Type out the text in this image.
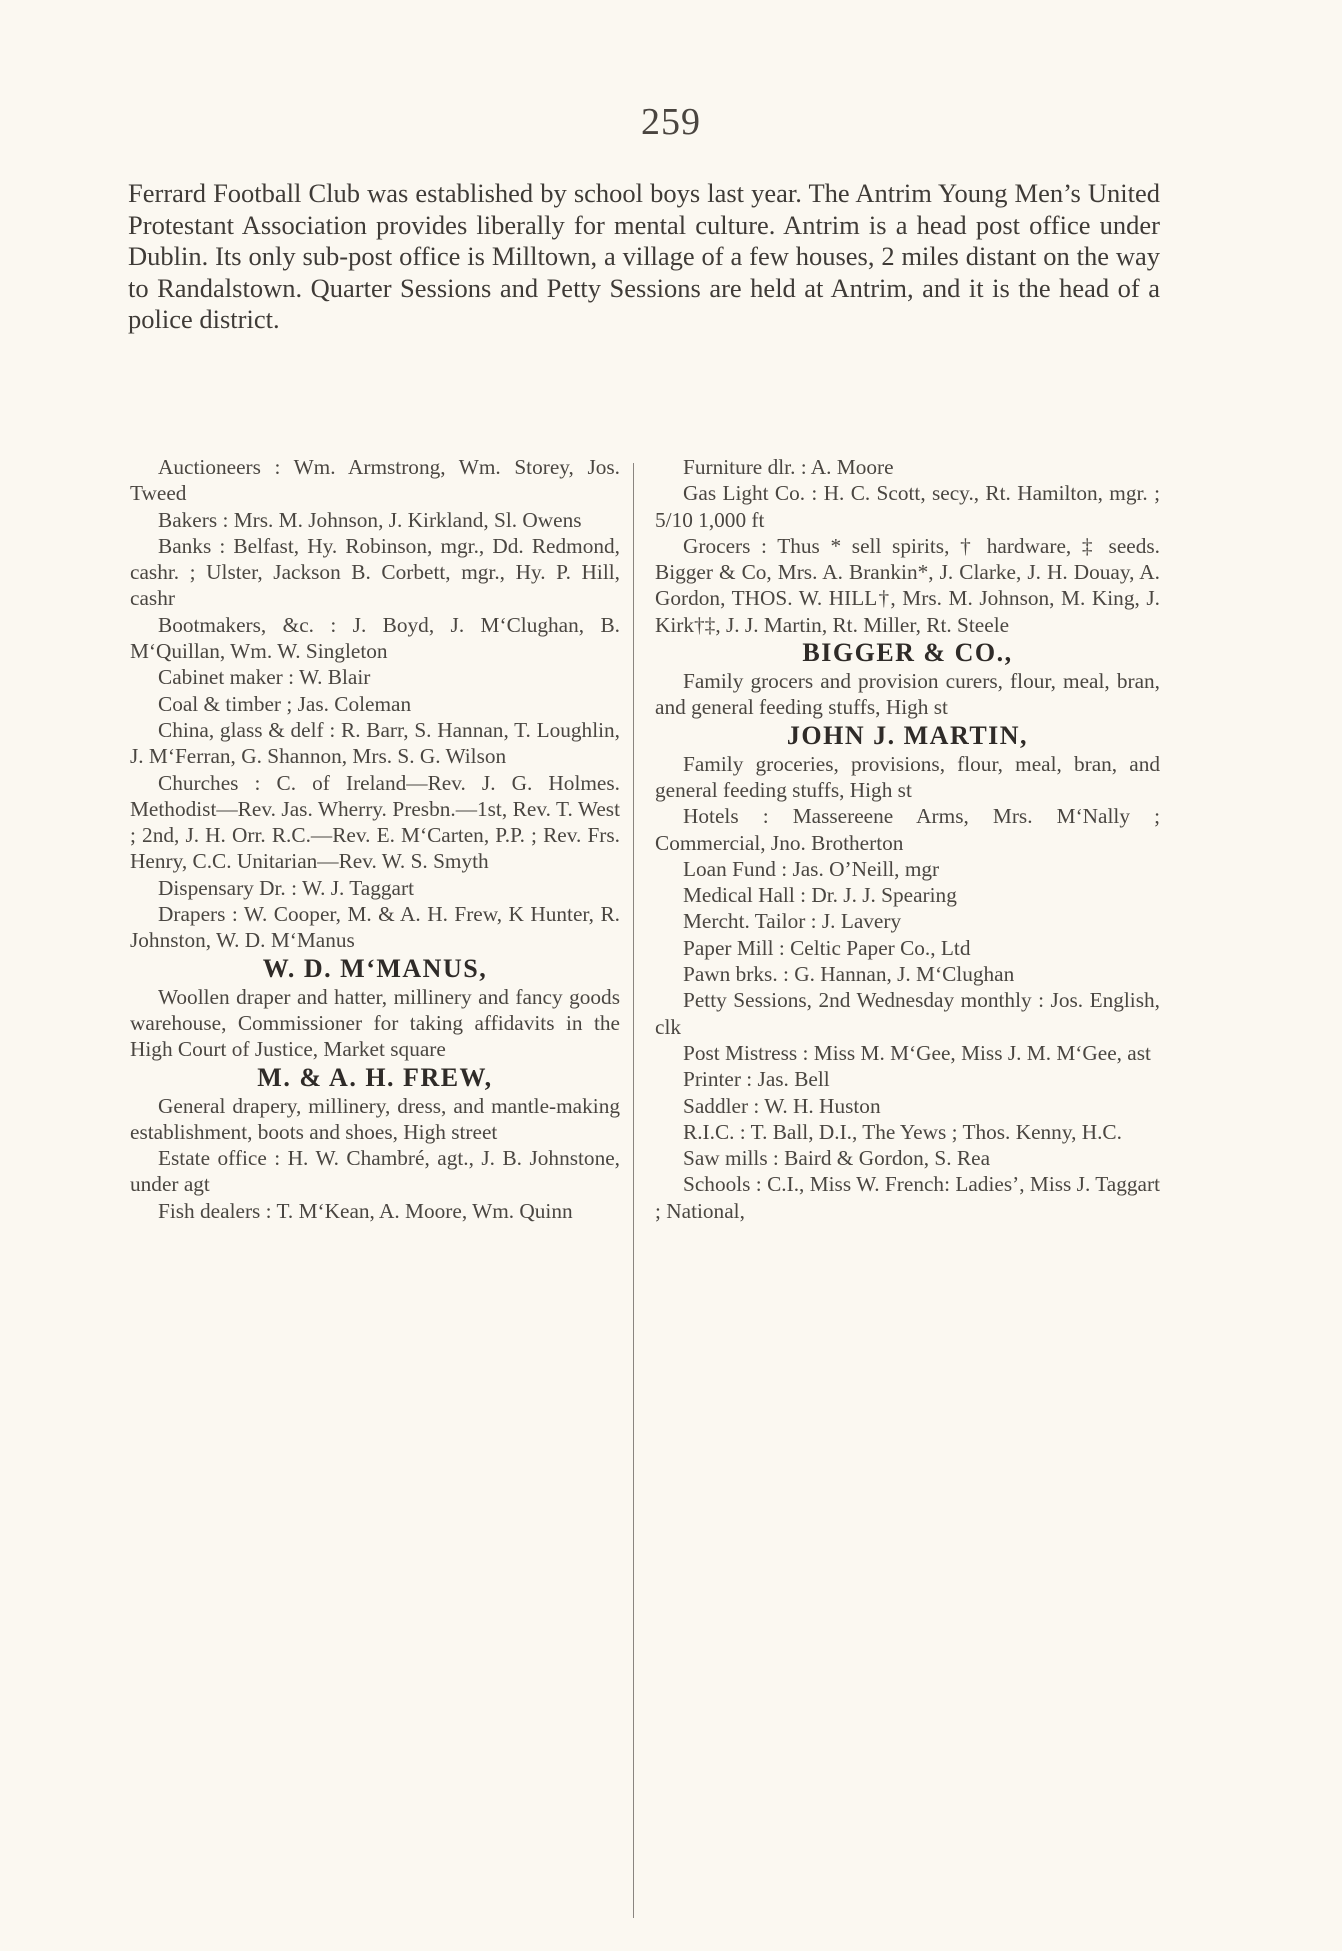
259
Ferrard Football Club was established by school boys last year. The Antrim Young Men’s United Protestant Association provides liberally for mental culture. Antrim is a head post office under Dublin. Its only sub-post office is Milltown, a village of a few houses, 2 miles distant on the way to Randalstown. Quarter Sessions and Petty Sessions are held at Antrim, and it is the head of a police district.

Auctioneers : Wm. Armstrong, Wm. Storey, Jos. Tweed

Bakers : Mrs. M. Johnson, J. Kirkland, Sl. Owens

Banks : Belfast, Hy. Robinson, mgr., Dd. Redmond, cashr. ; Ulster, Jackson B. Corbett, mgr., Hy. P. Hill, cashr

Bootmakers, &c. : J. Boyd, J. M‘Clughan, B. M‘Quillan, Wm. W. Singleton

Cabinet maker : W. Blair

Coal & timber ; Jas. Coleman

China, glass & delf : R. Barr, S. Hannan, T. Loughlin, J. M‘Ferran, G. Shannon, Mrs. S. G. Wilson

Churches : C. of Ireland—Rev. J. G. Holmes. Methodist—Rev. Jas. Wherry. Presbn.—1st, Rev. T. West ; 2nd, J. H. Orr. R.C.—Rev. E. M‘Carten, P.P. ; Rev. Frs. Henry, C.C. Unitarian—Rev. W. S. Smyth

Dispensary Dr. : W. J. Taggart

Drapers : W. Cooper, M. & A. H. Frew, K Hunter, R. Johnston, W. D. M‘Manus

W. D. M‘MANUS,

Woollen draper and hatter, millinery and fancy goods warehouse, Commissioner for taking affidavits in the High Court of Justice, Market square

M. & A. H. FREW,

General drapery, millinery, dress, and mantle-making establishment, boots and shoes, High street

Estate office : H. W. Chambré, agt., J. B. Johnstone, under agt

Fish dealers : T. M‘Kean, A. Moore, Wm. Quinn

Furniture dlr. : A. Moore

Gas Light Co. : H. C. Scott, secy., Rt. Hamilton, mgr. ; 5/10 1,000 ft

Grocers : Thus * sell spirits, † hardware, ‡ seeds. Bigger & Co, Mrs. A. Brankin*, J. Clarke, J. H. Douay, A. Gordon, THOS. W. HILL†, Mrs. M. Johnson, M. King, J. Kirk†‡, J. J. Martin, Rt. Miller, Rt. Steele

BIGGER & CO.,

Family grocers and provision curers, flour, meal, bran, and general feeding stuffs, High st

JOHN J. MARTIN,

Family groceries, provisions, flour, meal, bran, and general feeding stuffs, High st

Hotels : Massereene Arms, Mrs. M‘Nally ; Commercial, Jno. Brotherton

Loan Fund : Jas. O’Neill, mgr

Medical Hall : Dr. J. J. Spearing

Mercht. Tailor : J. Lavery

Paper Mill : Celtic Paper Co., Ltd

Pawn brks. : G. Hannan, J. M‘Clughan

Petty Sessions, 2nd Wednesday monthly : Jos. English, clk

Post Mistress : Miss M. M‘Gee, Miss J. M. M‘Gee, ast

Printer : Jas. Bell

Saddler : W. H. Huston

R.I.C. : T. Ball, D.I., The Yews ; Thos. Kenny, H.C.

Saw mills : Baird & Gordon, S. Rea

Schools : C.I., Miss W. French: Ladies’, Miss J. Taggart ; National,
